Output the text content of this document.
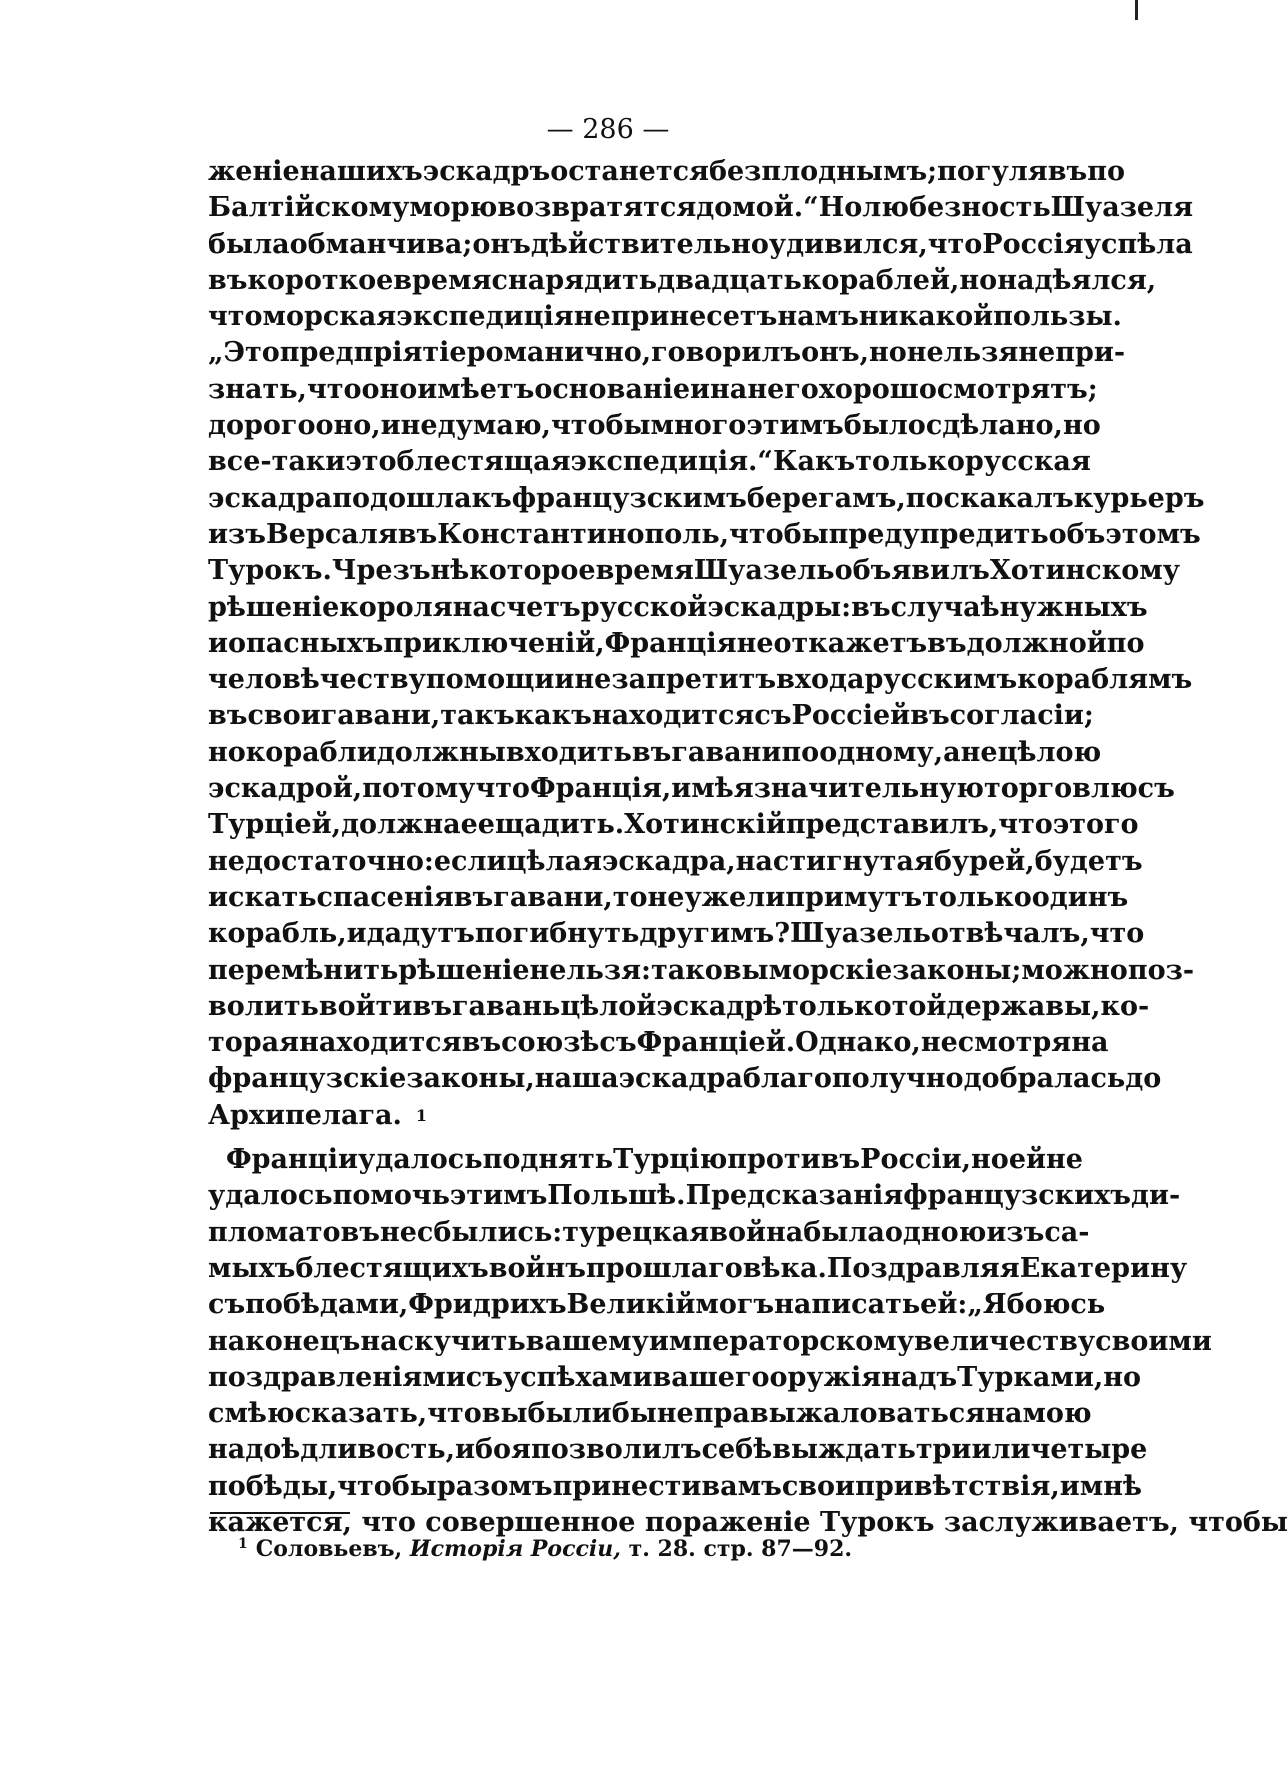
— 286 —
женіе нашихъ эскадръ останется безплоднымъ; погулявъ по
Балтійскому морю возвратятся домой.“ Но любезность Шуазеля
была обманчива; онъ дѣйствительно удивился, что Россія успѣла
въ короткое время снарядить двадцать кораблей, но надѣялся,
что морская экспедиція не принесетъ намъ никакой пользы.
„Это предпріятіе романично, говорилъ онъ, но нельзя не при-
знать, что оно имѣетъ основаніе и на него хорошо смотрятъ;
дорого оно, и не думаю, чтобы много этимъ было сдѣлано, но
все-таки это блестящая экспедиція.“ Какъ только русская
эскадра подошла къ французскимъ берегамъ, поскакалъ курьеръ
изъ Версаля въ Константинополь, чтобы предупредить объ этомъ
Турокъ. Чрезъ нѣкоторое время Шуазель объявилъ Хотинскому
рѣшеніе короля насчетъ русской эскадры: въ случаѣ нужныхъ
и опасныхъ приключеній, Франція не откажетъ въ должной по
человѣчеству помощи и не запретитъ входа русскимъ кораблямъ
въ свои гавани, такъ какъ находится съ Россіей въ согласіи;
но корабли должны входить въ гавани по одному, а не цѣлою
эскадрой, потому что Франція, имѣя значительную торговлю съ
Турціей, должна ее щадить. Хотинскій представилъ, что этого
недостаточно: если цѣлая эскадра, настигнутая бурей, будетъ
искать спасенія въ гавани, то неужели примутъ только одинъ
корабль, и дадутъ погибнуть другимъ? Шуазель отвѣчалъ, что
перемѣнить рѣшеніе нельзя: таковы морскіе законы; можно поз-
волить войти въ гавань цѣлой эскадрѣ только той державы, ко-
торая находится въ союзѣ съ Франціей. Однако, несмотря на
французскіе законы, наша эскадра благополучно добралась до
Архипелага. 1
Франціи удалось поднять Турцію противъ Россіи, но ей не
удалось помочь этимъ Польшѣ. Предсказанія французскихъ ди-
пломатовъ не сбылись: турецкая война была одною изъ са-
мыхъ блестящихъ войнъ прошлаго вѣка. Поздравляя Екатерину
съ побѣдами, Фридрихъ Великій могъ написать ей: „Я боюсь
наконецъ наскучить вашему императорскому величеству своими
поздравленіями съ успѣхами вашего оружія надъ Турками, но
смѣю сказать, что вы были бы не правы жаловаться на мою
надоѣдливость, ибо я позволилъ себѣ выждать три или четыре
побѣды, чтобы разомъ принести вамъ свои привѣтствія, и мнѣ
кажется, что совершенное пораженіе Турокъ заслуживаетъ, чтобы
$^1$ Соловьевъ, Исторія Россіи, т. 28. стр. 87—92.
